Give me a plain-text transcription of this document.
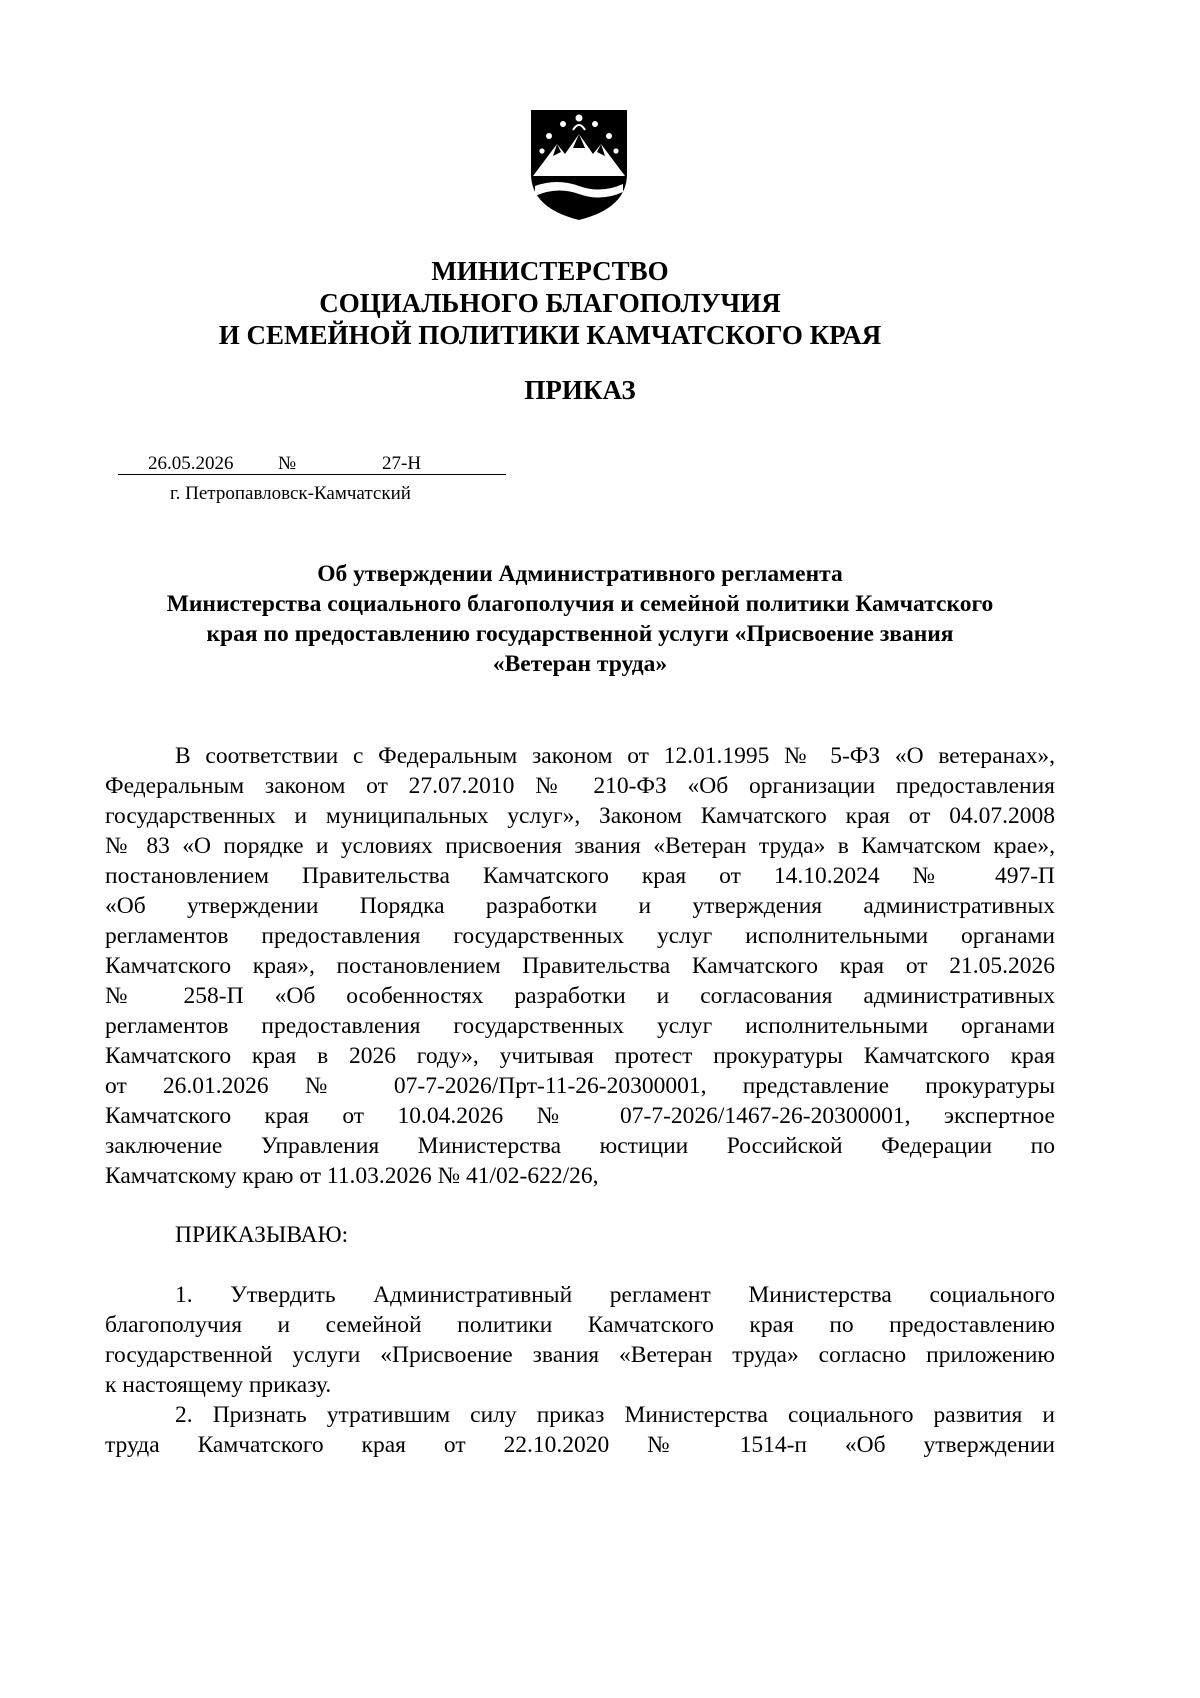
МИНИСТЕРСТВО
СОЦИАЛЬНОГО БЛАГОПОЛУЧИЯ
И СЕМЕЙНОЙ ПОЛИТИКИ КАМЧАТСКОГО КРАЯ
ПРИКАЗ
26.05.2026 №	27-Н
г. Петропавловск-Камчатский
Об утверждении Административного регламента
Министерства социального благополучия и семейной политики Камчатского
края по предоставлению государственной услуги «Присвоение звания
«Ветеран труда»
В соответствии с Федеральным законом от 12.01.1995 № 5-ФЗ «О ветеранах»,
Федеральным законом от 27.07.2010 № 210-ФЗ «Об организации предоставления
государственных и муниципальных услуг», Законом Камчатского края от 04.07.2008
№ 83 «О порядке и условиях присвоения звания «Ветеран труда» в Камчатском крае»,
постановлением Правительства Камчатского края от 14.10.2024 № 497-П
«Об утверждении Порядка разработки и утверждения административных
регламентов предоставления государственных услуг исполнительными органами
Камчатского края», постановлением Правительства Камчатского края от 21.05.2026
№ 258-П «Об особенностях разработки и согласования административных
регламентов предоставления государственных услуг исполнительными органами
Камчатского края в 2026 году», учитывая протест прокуратуры Камчатского края
от 26.01.2026 № 07-7-2026/Прт-11-26-20300001, представление прокуратуры
Камчатского края от 10.04.2026 № 07-7-2026/1467-26-20300001, экспертное
заключение Управления Министерства юстиции Российской Федерации по
Камчатскому краю от 11.03.2026 № 41/02-622/26,
ПРИКАЗЫВАЮ:
1. Утвердить Административный регламент Министерства социального
благополучия и семейной политики Камчатского края по предоставлению
государственной услуги «Присвоение звания «Ветеран труда» согласно приложению
к настоящему приказу.
2. Признать утратившим силу приказ Министерства социального развития и
труда Камчатского края от 22.10.2020 № 1514-п «Об утверждении
